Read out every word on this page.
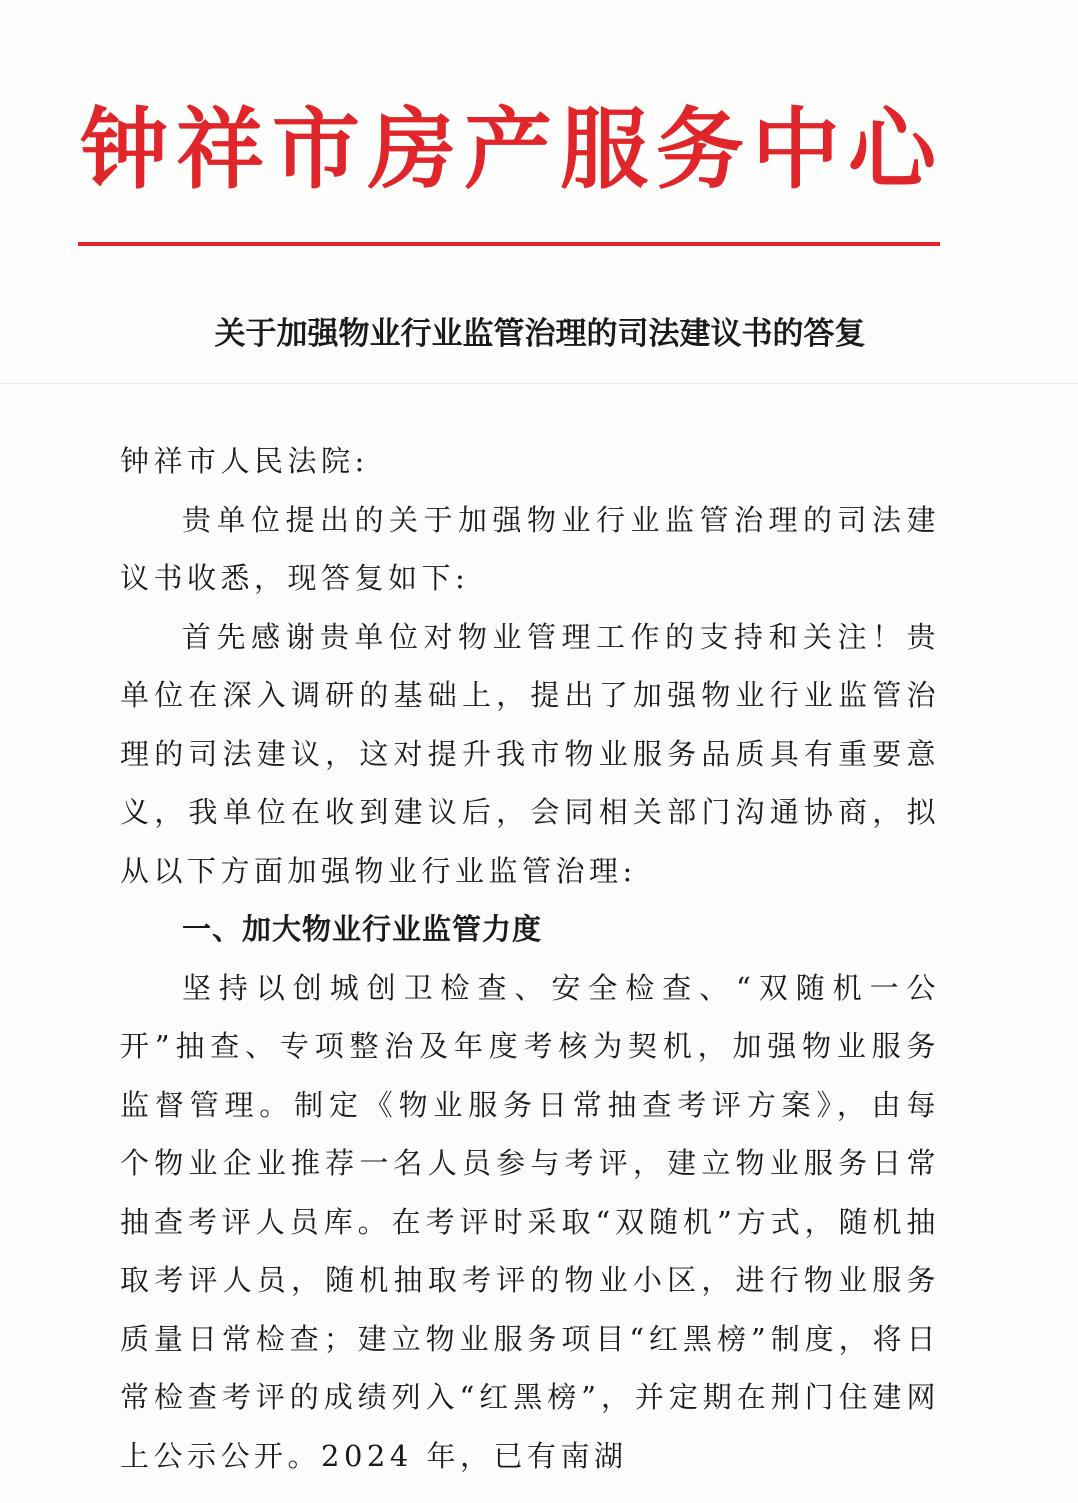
钟祥市房产服务中心
关于加强物业行业监管治理的司法建议书的答复

钟祥市人民法院:

贵单位提出的关于加强物业行业监管治理的司法建议书收悉，现答复如下:

首先感谢贵单位对物业管理工作的支持和关注！贵单位在深入调研的基础上，提出了加强物业行业监管治理的司法建议，这对提升我市物业服务品质具有重要意义，我单位在收到建议后，会同相关部门沟通协商，拟从以下方面加强物业行业监管治理:

一、加大物业行业监管力度

坚持以创城创卫检查、安全检查、“双随机一公开”抽查、专项整治及年度考核为契机，加强物业服务监督管理。制定《物业服务日常抽查考评方案》，由每个物业企业推荐一名人员参与考评，建立物业服务日常抽查考评人员库。在考评时采取“双随机”方式，随机抽取考评人员，随机抽取考评的物业小区，进行物业服务质量日常检查；建立物业服务项目“红黑榜”制度，将日常检查考评的成绩列入“红黑榜”，并定期在荆门住建网上公示公开。2024 年，已有南湖
